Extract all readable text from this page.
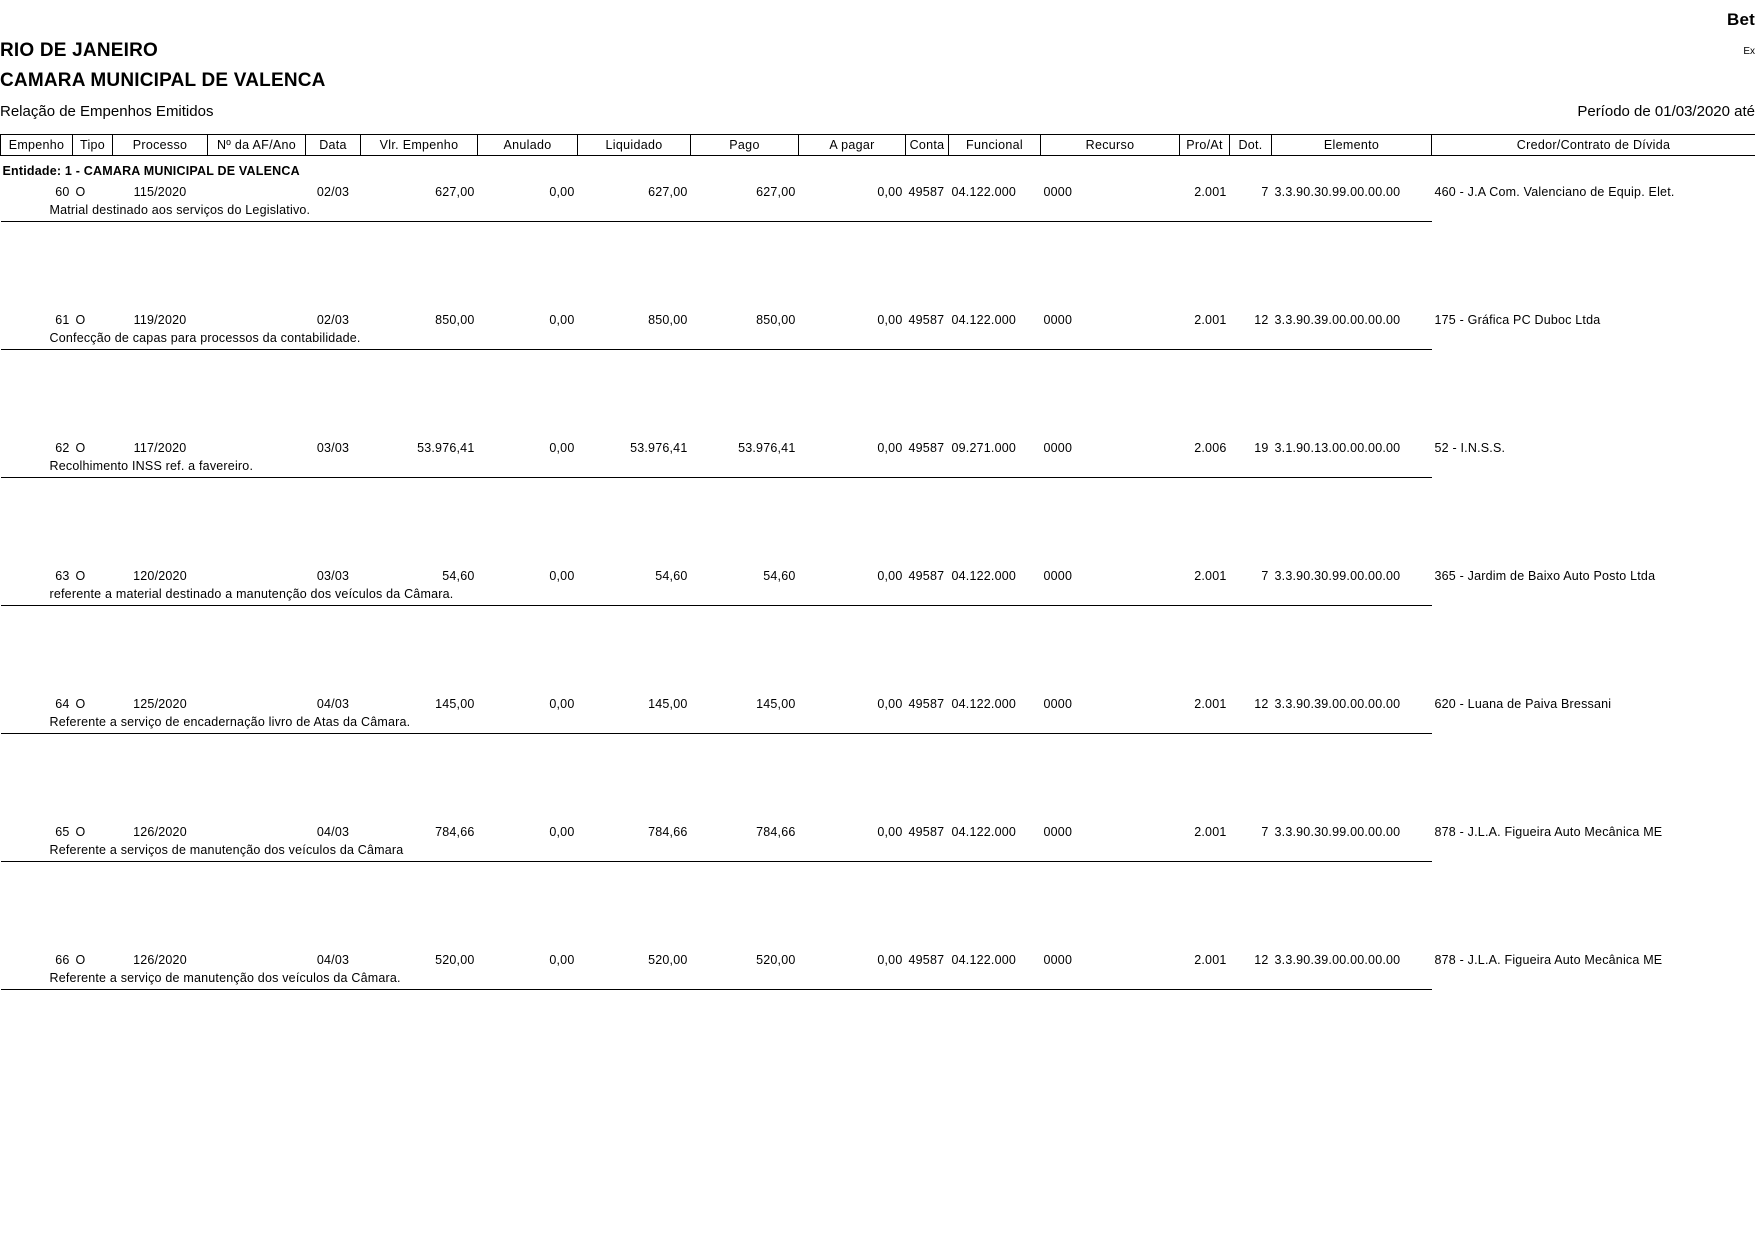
Bet
Ex
RIO DE JANEIRO
CAMARA MUNICIPAL DE VALENCA
Relação de Empenhos Emitidos	Período de 01/03/2020 até
Empenho	Tipo	Processo	Nº da AF/Ano	Data	Vlr. Empenho	Anulado	Liquidado	Pago	A pagar	Conta	Funcional	Recurso	Pro/At	Dot.	Elemento	Credor/Contrato de Dívida
Entidade: 1 - CAMARA MUNICIPAL DE VALENCA																
60	O	115/2020		02/03	627,00	0,00	627,00	627,00	0,00	49587	04.122.000	0000	2.001	7	3.3.90.30.99.00.00.00	460 - J.A Com. Valenciano de Equip. Elet.

Matrial destinado aos serviços do Legislativo.																

61	O	119/2020		02/03	850,00	0,00	850,00	850,00	0,00	49587	04.122.000	0000	2.001	12	3.3.90.39.00.00.00.00	175 - Gráfica PC Duboc Ltda

Confecção de capas para processos da contabilidade.																

62	O	117/2020		03/03	53.976,41	0,00	53.976,41	53.976,41	0,00	49587	09.271.000	0000	2.006	19	3.1.90.13.00.00.00.00	52 - I.N.S.S.

Recolhimento INSS ref. a favereiro.																

63	O	120/2020		03/03	54,60	0,00	54,60	54,60	0,00	49587	04.122.000	0000	2.001	7	3.3.90.30.99.00.00.00	365 - Jardim de Baixo Auto Posto Ltda

referente a material destinado a manutenção dos veículos da Câmara.																

64	O	125/2020		04/03	145,00	0,00	145,00	145,00	0,00	49587	04.122.000	0000	2.001	12	3.3.90.39.00.00.00.00	620 - Luana de Paiva Bressani

Referente a serviço de encadernação livro de Atas da Câmara.																

65	O	126/2020		04/03	784,66	0,00	784,66	784,66	0,00	49587	04.122.000	0000	2.001	7	3.3.90.30.99.00.00.00	878 - J.L.A. Figueira Auto Mecânica ME

Referente a serviços de manutenção dos veículos da Câmara																

66	O	126/2020		04/03	520,00	0,00	520,00	520,00	0,00	49587	04.122.000	0000	2.001	12	3.3.90.39.00.00.00.00	878 - J.L.A. Figueira Auto Mecânica ME

Referente a serviço de manutenção dos veículos da Câmara.																
